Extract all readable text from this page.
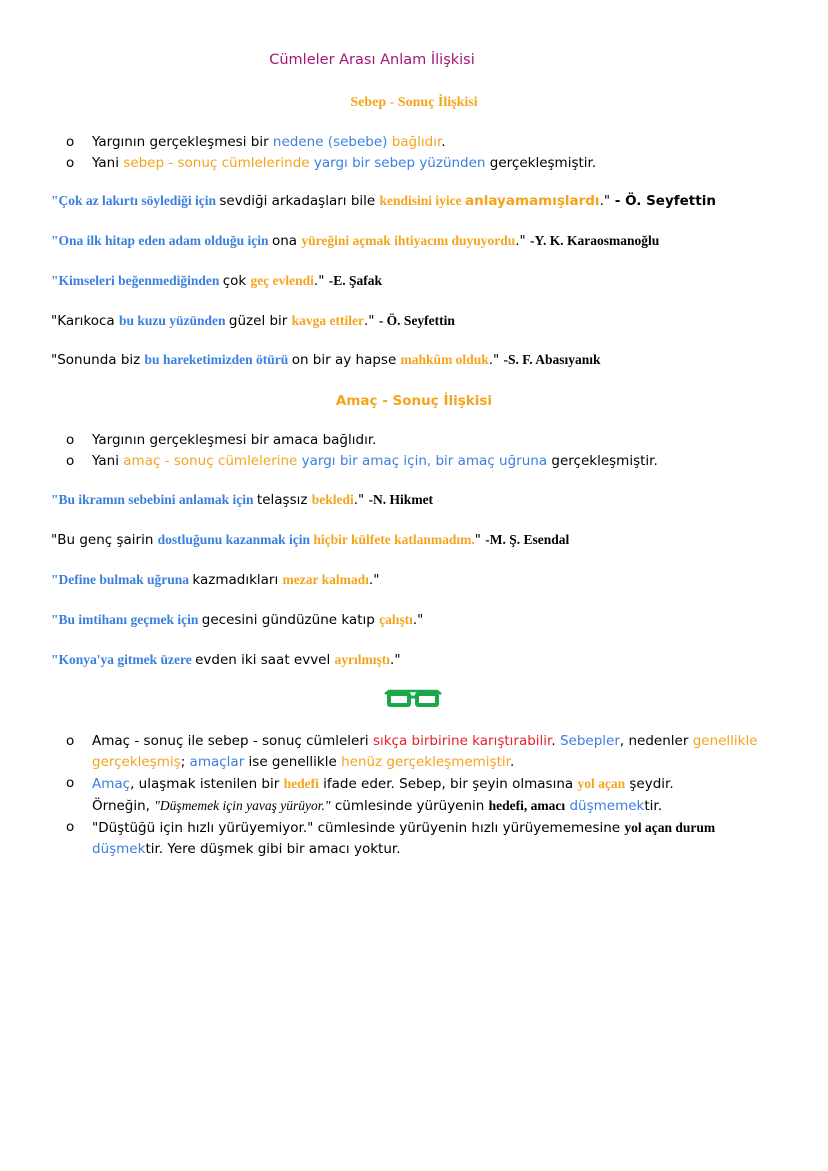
Cümleler Arası Anlam İlişkisi
Sebep - Sonuç İlişkisi
o Yargının gerçekleşmesi bir nedene (sebebe) bağlıdır.
o Yani sebep - sonuç cümlelerinde yargı bir sebep yüzünden gerçekleşmiştir.
"Çok az lakırtı söylediği için sevdiği arkadaşları bile kendisini iyice anlayamamışlardı." - Ö. Seyfettin
"Ona ilk hitap eden adam olduğu için ona yüreğini açmak ihtiyacını duyuyordu." -Y. K. Karaosmanoğlu
"Kimseleri beğenmediğinden çok geç evlendi." -E. Şafak
"Karıkoca bu kuzu yüzünden güzel bir kavga ettiler." - Ö. Seyfettin
"Sonunda biz bu hareketimizden ötürü on bir ay hapse mahkûm olduk." -S. F. Abasıyanık
Amaç - Sonuç İlişkisi
o Yargının gerçekleşmesi bir amaca bağlıdır.
o Yani amaç - sonuç cümlelerine yargı bir amaç için, bir amaç uğruna gerçekleşmiştir.
"Bu ikramın sebebini anlamak için telaşsız bekledi." -N. Hikmet
"Bu genç şairin dostluğunu kazanmak için hiçbir külfete katlanmadım." -M. Ş. Esendal
"Define bulmak uğruna kazmadıkları mezar kalmadı."
"Bu imtihanı geçmek için gecesini gündüzüne katıp çalıştı."
"Konya'ya gitmek üzere evden iki saat evvel ayrılmıştı."
o Amaç - sonuç ile sebep - sonuç cümleleri sıkça birbirine karıştırabilir. Sebepler, nedenler genellikle gerçekleşmiş; amaçlar ise genellikle henüz gerçekleşmemiştir.
o Amaç, ulaşmak istenilen bir hedefi ifade eder. Sebep, bir şeyin olmasına yol açan şeydir.
Örneğin, "Düşmemek için yavaş yürüyor." cümlesinde yürüyenin hedefi, amacı düşmemektir.
o "Düştüğü için hızlı yürüyemiyor." cümlesinde yürüyenin hızlı yürüyememesine yol açan durum düşmektir. Yere düşmek gibi bir amacı yoktur.
